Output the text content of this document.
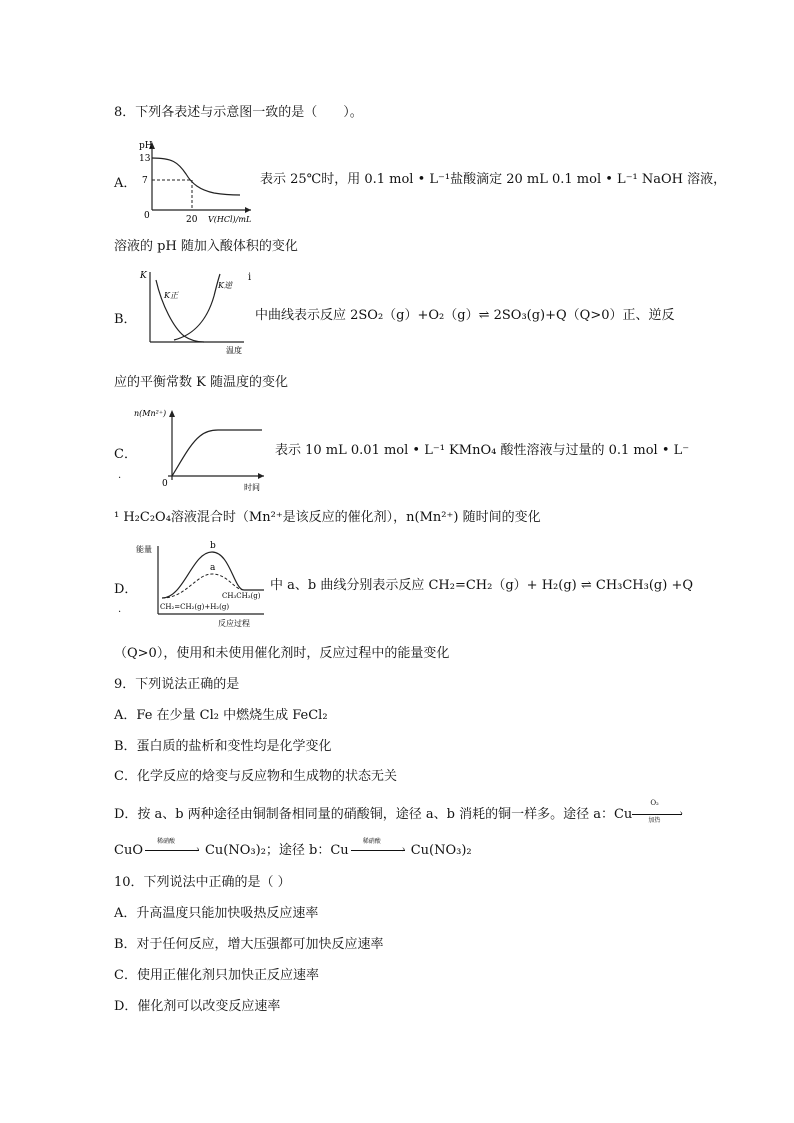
8．下列各表述与示意图一致的是（　　）。
A．
pH
13
7
0	20 V(HCl)/mL
表示 25℃时，用 0.1 mol • L⁻¹盐酸滴定 20 mL 0.1 mol • L⁻¹ NaOH 溶液，
溶液的 pH 随加入酸体积的变化
B．
K
K正
K逆
温度
i
中曲线表示反应 2SO₂（g）+O₂（g）⇌ 2SO₃(g)+Q（Q>0）正、逆反
应的平衡常数 K 随温度的变化
C．
.
n(Mn²⁺)
0	时间
表示 10 mL 0.01 mol • L⁻¹ KMnO₄ 酸性溶液与过量的 0.1 mol • L⁻
¹ H₂C₂O₄溶液混合时（Mn²⁺是该反应的催化剂），n(Mn²⁺) 随时间的变化
D．
.
能量	b
a
CH₃CH₃(g)
CH₂=CH₂(g)+H₂(g)
反应过程
中 a、b 曲线分别表示反应 CH₂=CH₂（g）+ H₂(g) ⇌ CH₃CH₃(g) +Q
（Q>0），使用和未使用催化剂时，反应过程中的能量变化
9．下列说法正确的是
A．Fe 在少量 Cl₂ 中燃烧生成 FeCl₂
B．蛋白质的盐析和变性均是化学变化
C．化学反应的焓变与反应物和生成物的状态无关
D．按 a、b 两种途径由铜制备相同量的硝酸铜，途径 a、b 消耗的铜一样多。途径 a：Cu
O₂
›
加热
CuO
稀硝酸
› Cu(NO₃)₂；途径 b：Cu
稀硝酸
› Cu(NO₃)₂
10．下列说法中正确的是（ ）
A．升高温度只能加快吸热反应速率
B．对于任何反应，增大压强都可加快反应速率
C．使用正催化剂只加快正反应速率
D．催化剂可以改变反应速率
